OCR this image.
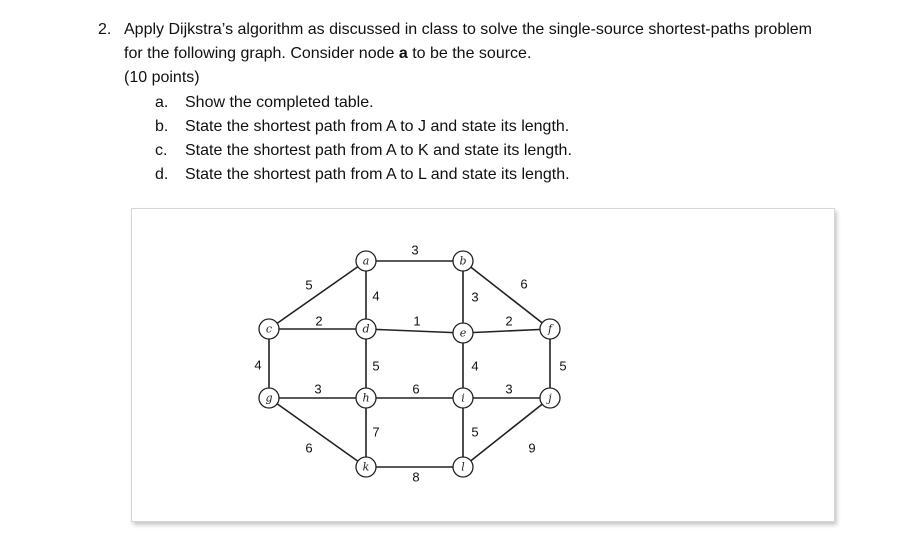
2. Apply Dijkstra’s algorithm as discussed in class to solve the single-source shortest-paths problem
for the following graph. Consider node a to be the source.
(10 points)
a. Show the completed table.
b. State the shortest path from A to J and state its length.
c. State the shortest path from A to K and state its length.
d. State the shortest path from A to L and state its length.
3
5
4	3
6
2	1	2
4	5	4	5
3	6	3
6
7	5
9
8
a	b
c	d	e	f
g	h	i	j
k	l
